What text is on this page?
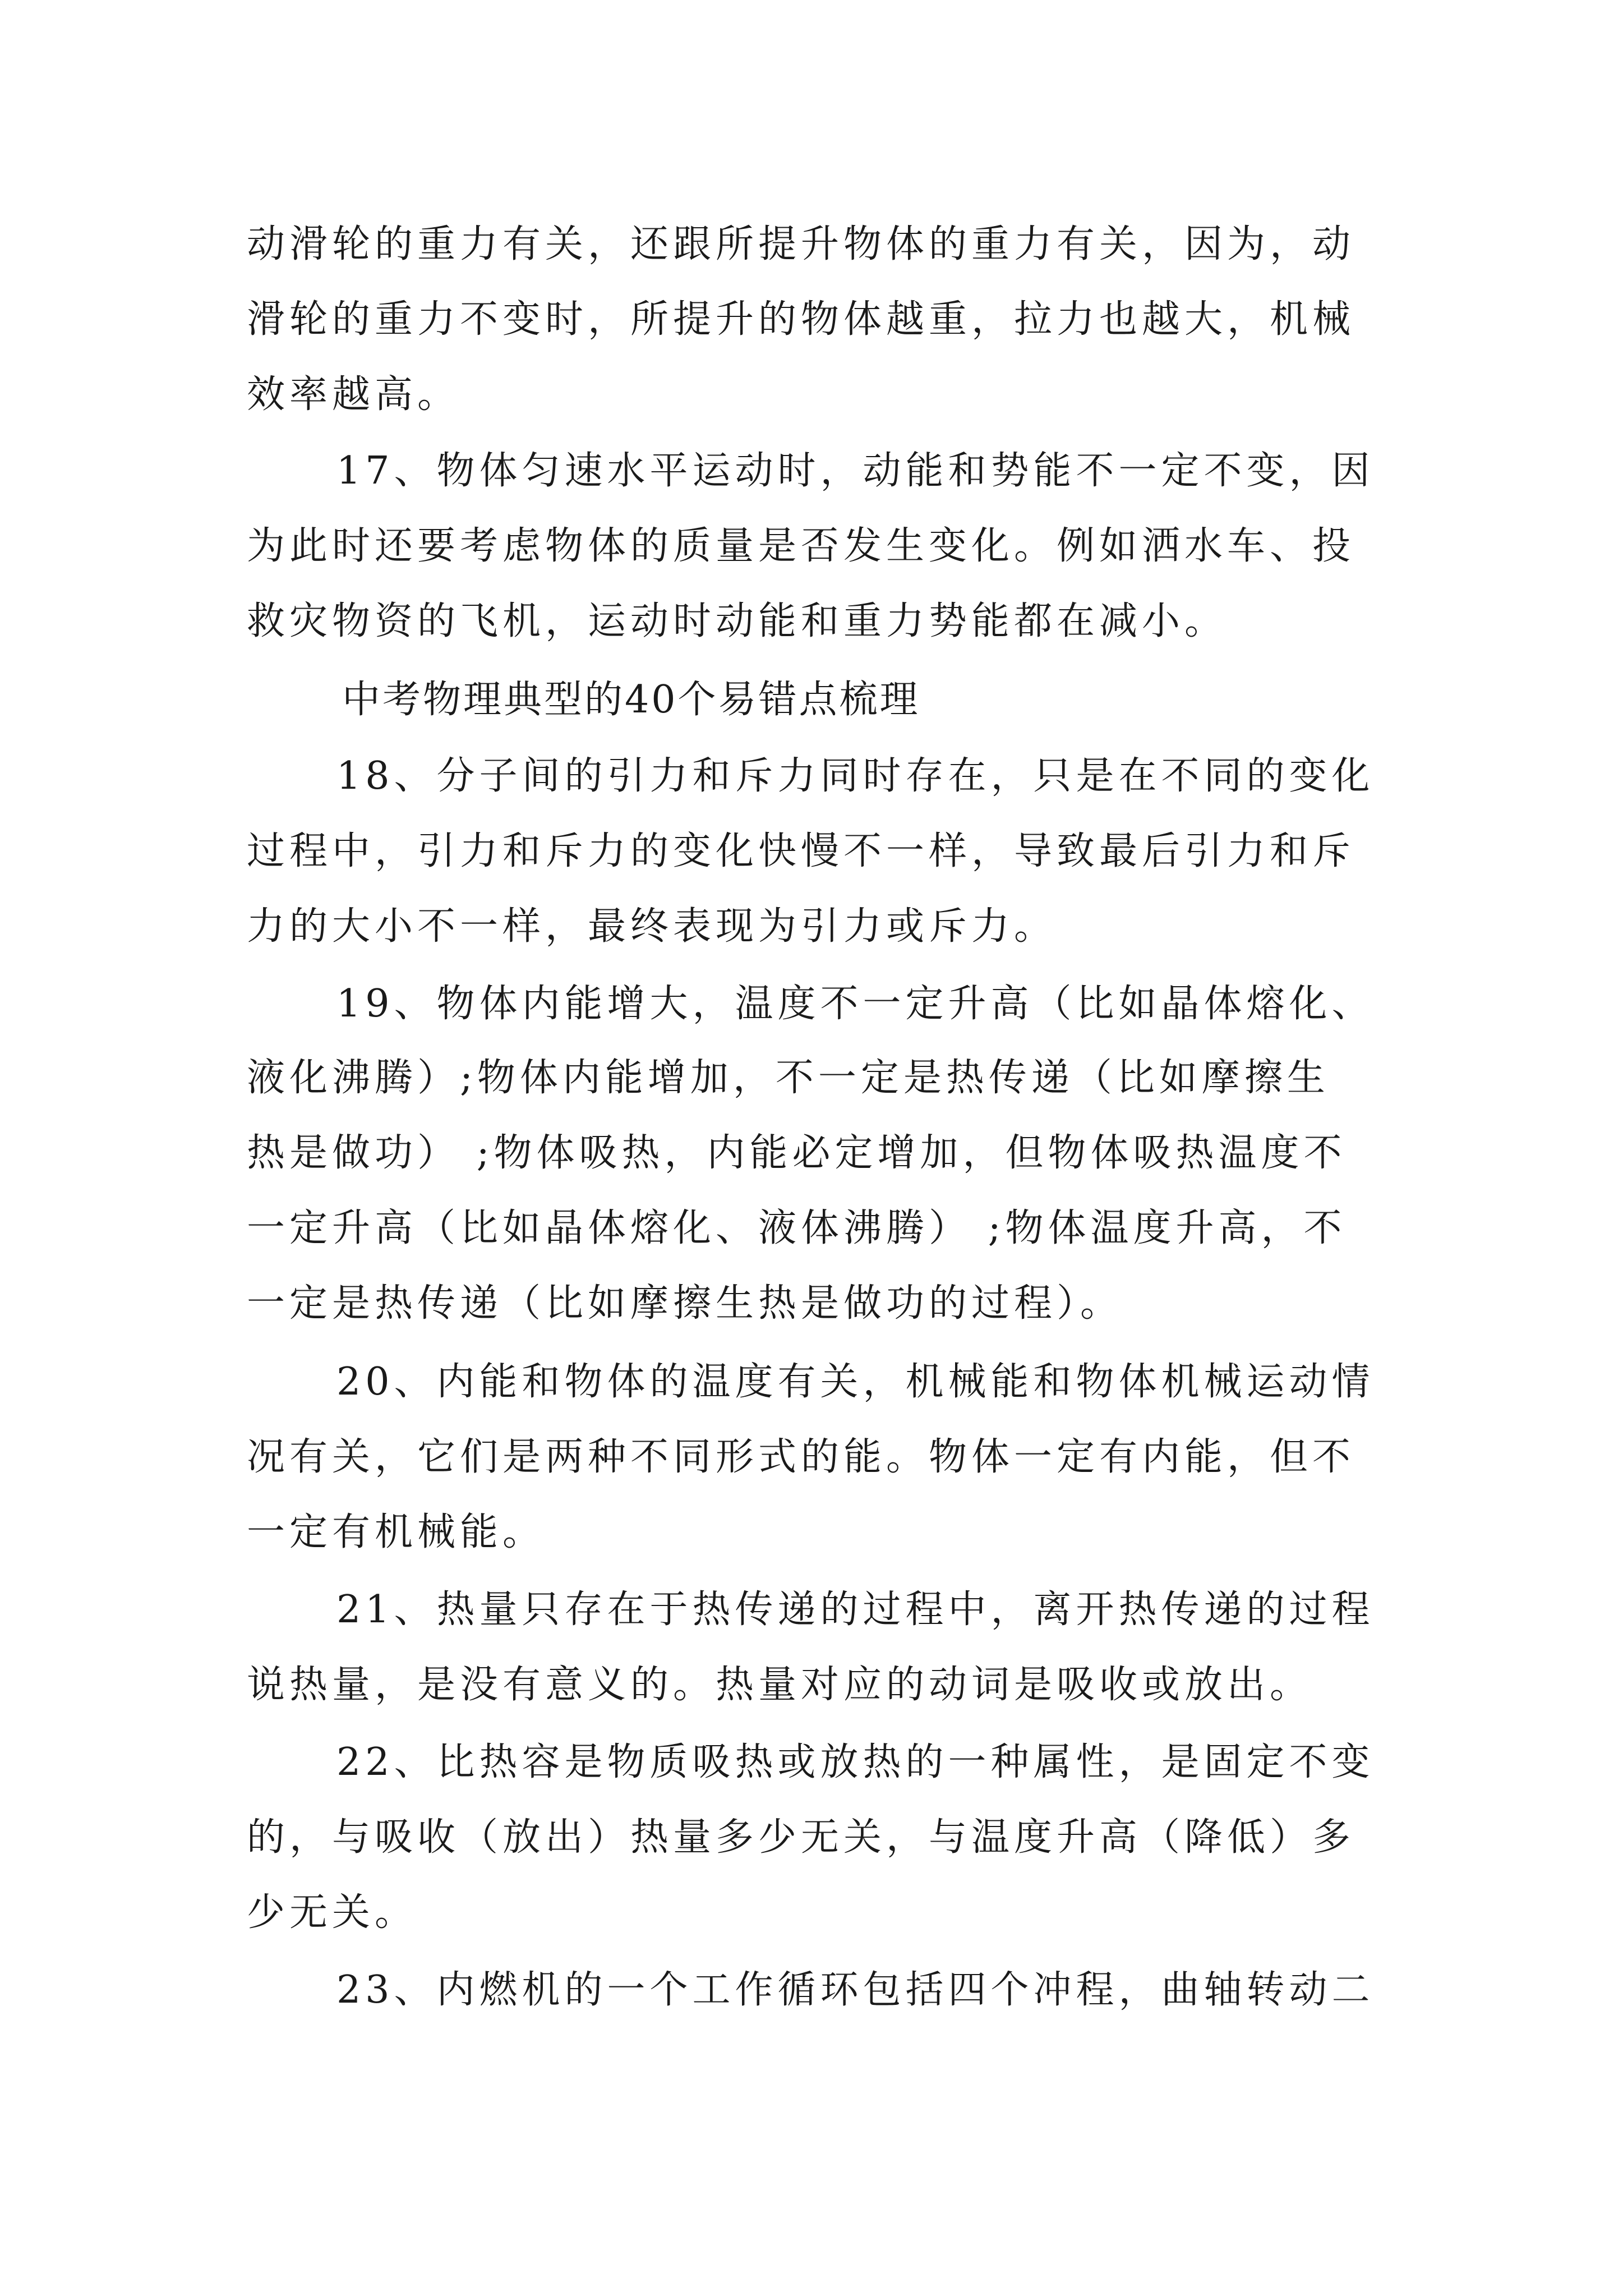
动滑轮的重力有关，还跟所提升物体的重力有关，因为，动
滑轮的重力不变时，所提升的物体越重，拉力也越大，机械
效率越高。
17、物体匀速水平运动时，动能和势能不一定不变，因
为此时还要考虑物体的质量是否发生变化。例如洒水车、投
救灾物资的飞机，运动时动能和重力势能都在减小。
中考物理典型的40个易错点梳理
18、分子间的引力和斥力同时存在，只是在不同的变化
过程中，引力和斥力的变化快慢不一样，导致最后引力和斥
力的大小不一样，最终表现为引力或斥力。
19、物体内能增大，温度不一定升高（比如晶体熔化、
液化沸腾）;物体内能增加，不一定是热传递（比如摩擦生
热是做功） ;物体吸热，内能必定增加，但物体吸热温度不
一定升高（比如晶体熔化、液体沸腾） ;物体温度升高，不
一定是热传递（比如摩擦生热是做功的过程）。
20、内能和物体的温度有关，机械能和物体机械运动情
况有关，它们是两种不同形式的能。物体一定有内能，但不
一定有机械能。
21、热量只存在于热传递的过程中，离开热传递的过程
说热量，是没有意义的。热量对应的动词是吸收或放出。
22、比热容是物质吸热或放热的一种属性，是固定不变
的，与吸收（放出）热量多少无关，与温度升高（降低）多
少无关。
23、内燃机的一个工作循环包括四个冲程，曲轴转动二
